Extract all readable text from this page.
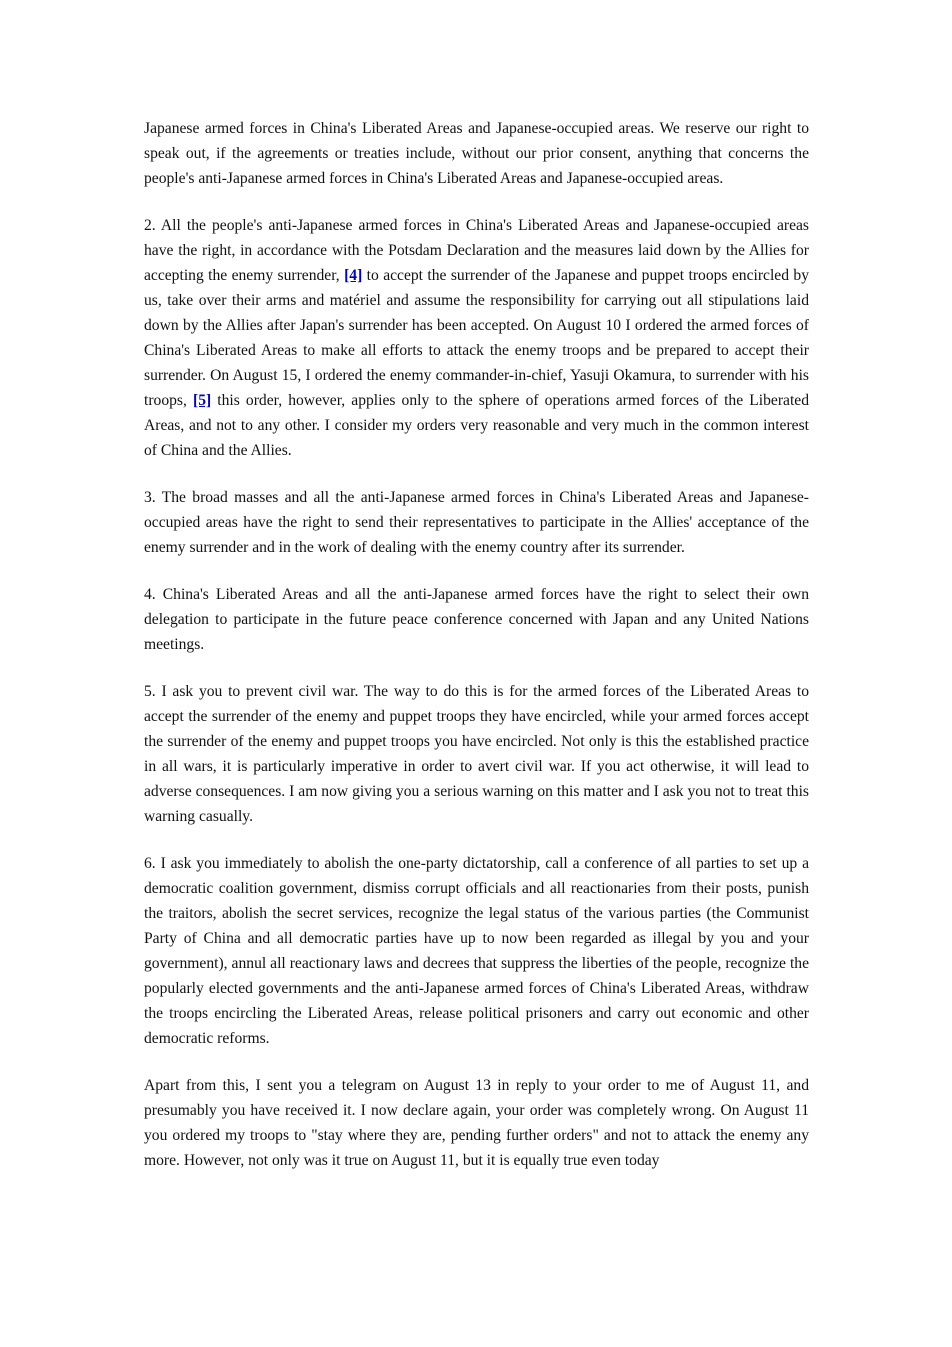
Japanese armed forces in China's Liberated Areas and Japanese-occupied areas. We reserve our right to speak out, if the agreements or treaties include, without our prior consent, anything that concerns the people's anti-Japanese armed forces in China's Liberated Areas and Japanese-occupied areas.

2. All the people's anti-Japanese armed forces in China's Liberated Areas and Japanese-occupied areas have the right, in accordance with the Potsdam Declaration and the measures laid down by the Allies for accepting the enemy surrender, [4] to accept the surrender of the Japanese and puppet troops encircled by us, take over their arms and matériel and assume the responsibility for carrying out all stipulations laid down by the Allies after Japan's surrender has been accepted. On August 10 I ordered the armed forces of China's Liberated Areas to make all efforts to attack the enemy troops and be prepared to accept their surrender. On August 15, I ordered the enemy commander-in-chief, Yasuji Okamura, to surrender with his troops, [5] this order, however, applies only to the sphere of operations armed forces of the Liberated Areas, and not to any other. I consider my orders very reasonable and very much in the common interest of China and the Allies.

3. The broad masses and all the anti-Japanese armed forces in China's Liberated Areas and Japanese-occupied areas have the right to send their representatives to participate in the Allies' acceptance of the enemy surrender and in the work of dealing with the enemy country after its surrender.

4. China's Liberated Areas and all the anti-Japanese armed forces have the right to select their own delegation to participate in the future peace conference concerned with Japan and any United Nations meetings.

5. I ask you to prevent civil war. The way to do this is for the armed forces of the Liberated Areas to accept the surrender of the enemy and puppet troops they have encircled, while your armed forces accept the surrender of the enemy and puppet troops you have encircled. Not only is this the established practice in all wars, it is particularly imperative in order to avert civil war. If you act otherwise, it will lead to adverse consequences. I am now giving you a serious warning on this matter and I ask you not to treat this warning casually.

6. I ask you immediately to abolish the one-party dictatorship, call a conference of all parties to set up a democratic coalition government, dismiss corrupt officials and all reactionaries from their posts, punish the traitors, abolish the secret services, recognize the legal status of the various parties (the Communist Party of China and all democratic parties have up to now been regarded as illegal by you and your government), annul all reactionary laws and decrees that suppress the liberties of the people, recognize the popularly elected governments and the anti-Japanese armed forces of China's Liberated Areas, withdraw the troops encircling the Liberated Areas, release political prisoners and carry out economic and other democratic reforms.

Apart from this, I sent you a telegram on August 13 in reply to your order to me of August 11, and presumably you have received it. I now declare again, your order was completely wrong. On August 11 you ordered my troops to "stay where they are, pending further orders" and not to attack the enemy any more. However, not only was it true on August 11, but it is equally true even today
